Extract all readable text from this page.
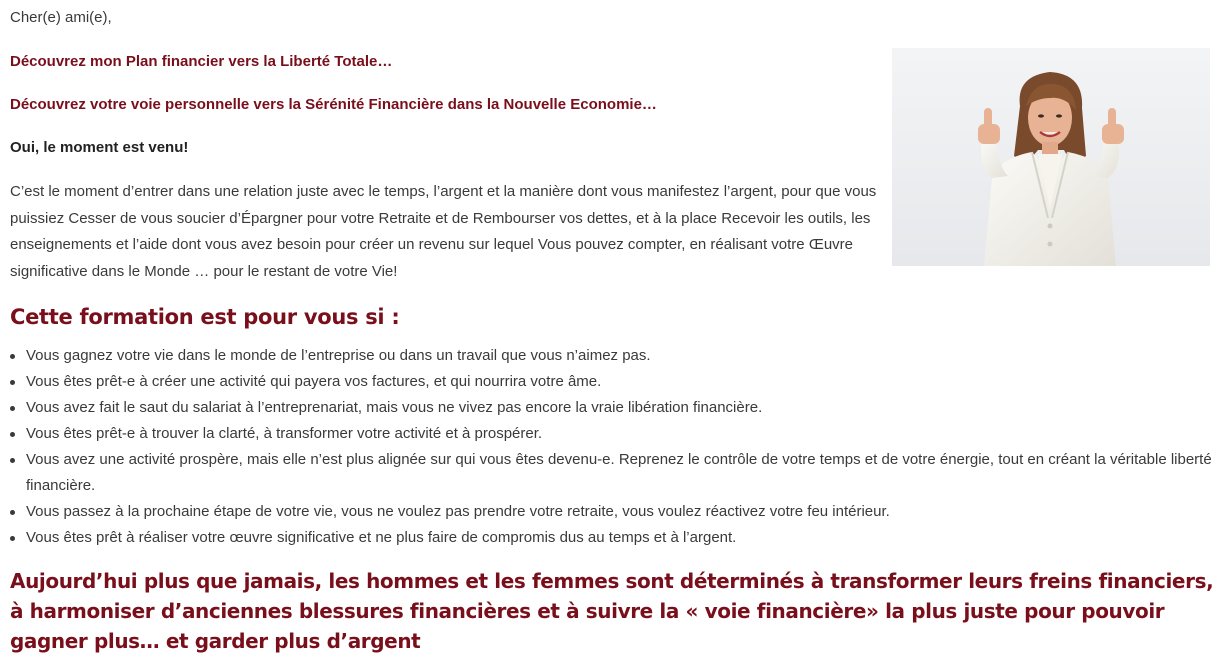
Cher(e) ami(e),

Découvrez mon Plan financier vers la Liberté Totale…

Découvrez votre voie personnelle vers la Sérénité Financière dans la Nouvelle Economie…

Oui, le moment est venu!

C’est le moment d’entrer dans une relation juste avec le temps, l’argent et la manière dont vous manifestez l’argent, pour que vous puissiez Cesser de vous soucier d’Épargner pour votre Retraite et de Rembourser vos dettes, et à la place Recevoir les outils, les enseignements et l’aide dont vous avez besoin pour créer un revenu sur lequel Vous pouvez compter, en réalisant votre Œuvre significative dans le Monde … pour le restant de votre Vie!

Cette formation est pour vous si :
Vous gagnez votre vie dans le monde de l’entreprise ou dans un travail que vous n’aimez pas.
Vous êtes prêt-e à créer une activité qui payera vos factures, et qui nourrira votre âme.
Vous avez fait le saut du salariat à l’entreprenariat, mais vous ne vivez pas encore la vraie libération financière.
Vous êtes prêt-e à trouver la clarté, à transformer votre activité et à prospérer.
Vous avez une activité prospère, mais elle n’est plus alignée sur qui vous êtes devenu-e. Reprenez le contrôle de votre temps et de votre énergie, tout en créant la véritable liberté financière.
Vous passez à la prochaine étape de votre vie, vous ne voulez pas prendre votre retraite, vous voulez réactivez votre feu intérieur.
Vous êtes prêt à réaliser votre œuvre significative et ne plus faire de compromis dus au temps et à l’argent.
Aujourd’hui plus que jamais, les hommes et les femmes sont déterminés à transformer leurs freins financiers, à harmoniser d’anciennes blessures financières et à suivre la « voie financière» la plus juste pour pouvoir gagner plus… et garder plus d’argent
